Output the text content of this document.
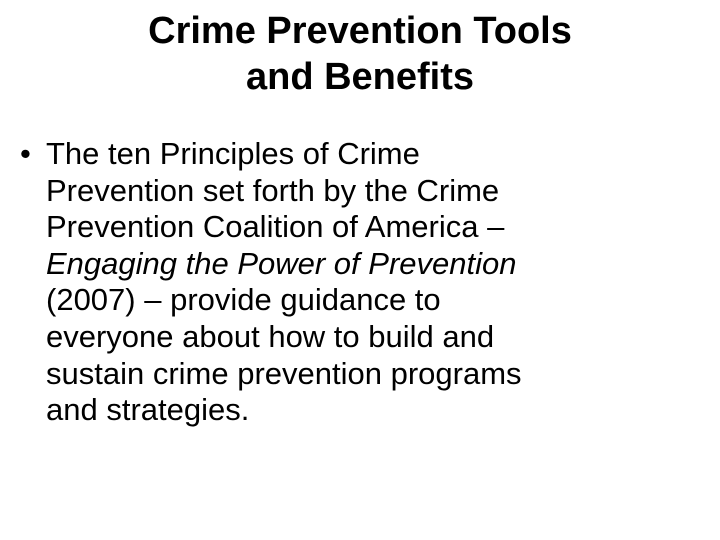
Crime Prevention Tools
and Benefits
• The ten Principles of Crime
Prevention set forth by the Crime
Prevention Coalition of America –
Engaging the Power of Prevention
(2007) – provide guidance to
everyone about how to build and
sustain crime prevention programs
and strategies.
